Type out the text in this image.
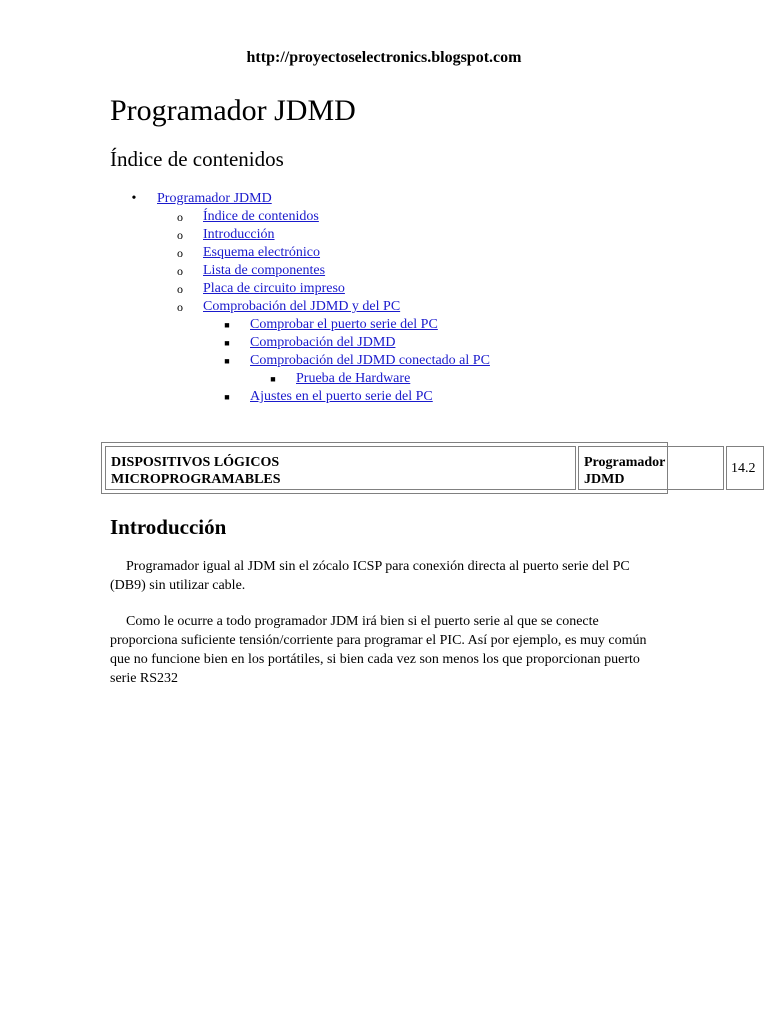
http://proyectoselectronics.blogspot.com
Programador JDMD
Índice de contenidos
• Programador JDMD
o Índice de contenidos
o Introducción
o Esquema electrónico
o Lista de componentes
o Placa de circuito impreso
o Comprobación del JDMD y del PC
■ Comprobar el puerto serie del PC
■ Comprobación del JDMD
■ Comprobación del JDMD conectado al PC
■ Prueba de Hardware
■ Ajustes en el puerto serie del PC
DISPOSITIVOS LÓGICOS
MICROPROGRAMABLES
Programador
JDMD
14.2
Introducción

Programador igual al JDM sin el zócalo ICSP para conexión directa al puerto serie del PC (DB9) sin utilizar cable.

Como le ocurre a todo programador JDM irá bien si el puerto serie al que se conecte proporciona suficiente tensión/corriente para programar el PIC. Así por ejemplo, es muy común que no funcione bien en los portátiles, si bien cada vez son menos los que proporcionan puerto serie RS232
